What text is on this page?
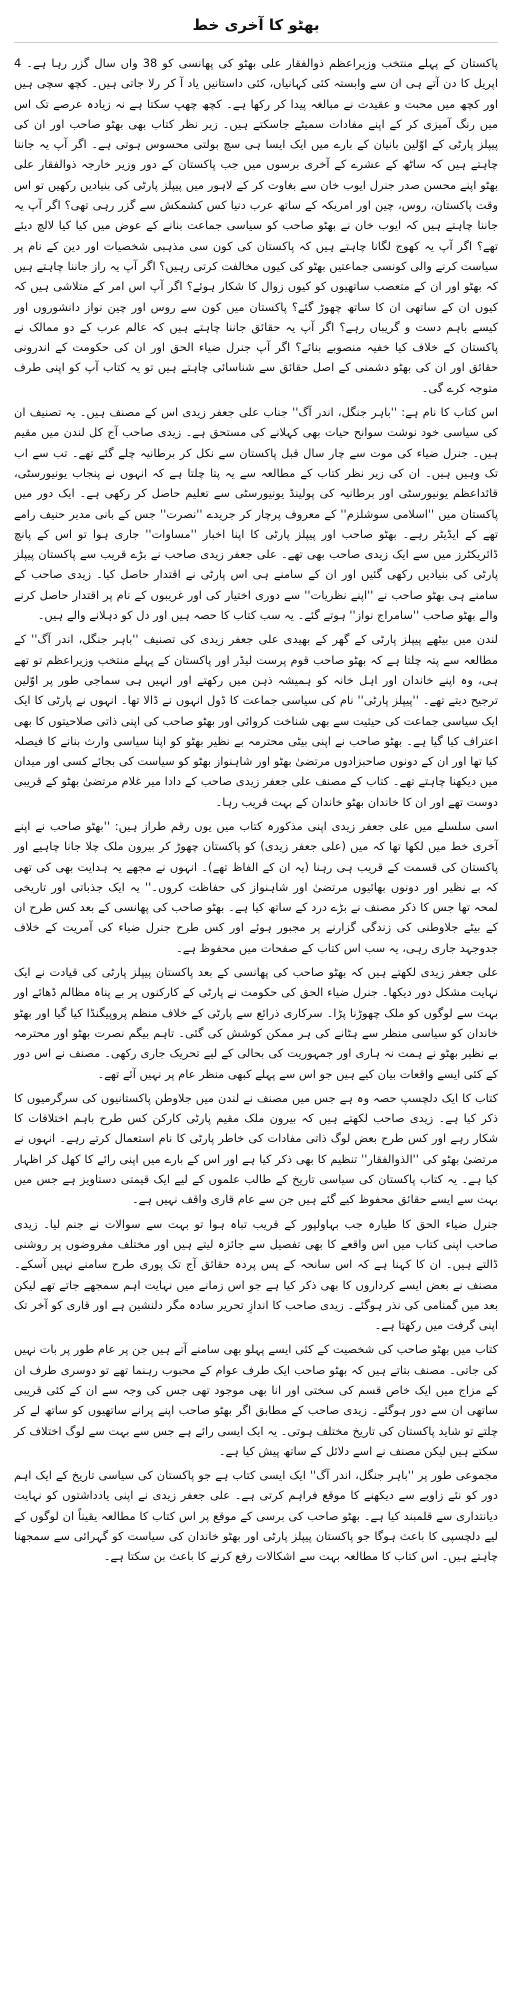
بھٹو کا آخری خط

پاکستان کے پہلے منتخب وزیراعظم ذوالفقار علی بھٹو کی پھانسی کو 38 واں سال گزر رہا ہے۔ 4 اپریل کا دن آتے ہی ان سے وابستہ کئی کہانیاں، کئی داستانیں یاد آ کر رلا جاتی ہیں۔ کچھ سچی ہیں اور کچھ میں محبت و عقیدت نے مبالغہ پیدا کر رکھا ہے۔ کچھ چھپ سکتا ہے نہ زیادہ عرصے تک اس میں رنگ آمیزی کر کے اپنے مفادات سمیٹے جاسکتے ہیں۔ زیر نظر کتاب بھی بھٹو صاحب اور ان کی پیپلز پارٹی کے اوّلین بانیان کے بارے میں ایک ایسا ہی سچ بولتی محسوس ہوتی ہے۔ اگر آپ یہ جاننا چاہتے ہیں کہ ساٹھ کے عشرے کے آخری برسوں میں جب پاکستان کے دور وزیر خارجہ ذوالفقار علی بھٹو اپنے محسن صدر جنرل ایوب خان سے بغاوت کر کے لاہور میں پیپلز پارٹی کی بنیادیں رکھیں تو اس وقت پاکستان، روس، چین اور امریکہ کے ساتھ عرب دنیا کس کشمکش سے گزر رہی تھی؟ اگر آپ یہ جاننا چاہتے ہیں کہ ایوب خان نے بھٹو صاحب کو سیاسی جماعت بنانے کے عوض میں کیا کیا لالچ دیئے تھے؟ اگر آپ یہ کھوج لگانا چاہتے ہیں کہ پاکستان کی کون سی مذہبی شخصیات اور دین کے نام پر سیاست کرنے والی کونسی جماعتیں بھٹو کی کیوں مخالفت کرتی رہیں؟ اگر آپ یہ راز جاننا چاہتے ہیں کہ بھٹو اور ان کے متعصب ساتھیوں کو کیوں زوال کا شکار ہوئے؟ اگر آپ اس امر کے متلاشی ہیں کہ کیوں ان کے ساتھی ان کا ساتھ چھوڑ گئے؟ پاکستان میں کون سے روس اور چین نواز دانشوروں اور کیسے باہم دست و گریباں رہے؟ اگر آپ یہ حقائق جاننا چاہتے ہیں کہ عالم عرب کے دو ممالک نے پاکستان کے خلاف کیا خفیہ منصوبے بنائے؟ اگر آپ جنرل ضیاء الحق اور ان کی حکومت کے اندرونی حقائق اور ان کی بھٹو دشمنی کے اصل حقائق سے شناسائی چاہتے ہیں تو یہ کتاب آپ کو اپنی طرف متوجہ کرے گی۔

اس کتاب کا نام ہے: ''باہر جنگل، اندر آگ'' جناب علی جعفر زیدی اس کے مصنف ہیں۔ یہ تصنیف ان کی سیاسی خود نوشت سوانح حیات بھی کہلانے کی مستحق ہے۔ زیدی صاحب آج کل لندن میں مقیم ہیں۔ جنرل ضیاء کی موت سے چار سال قبل پاکستان سے نکل کر برطانیہ چلے گئے تھے۔ تب سے اب تک وہیں ہیں۔ ان کی زیر نظر کتاب کے مطالعہ سے یہ پتا چلتا ہے کہ انہوں نے پنجاب یونیورسٹی، قائداعظم یونیورسٹی اور برطانیہ کی پولینڈ یونیورسٹی سے تعلیم حاصل کر رکھی ہے۔ ایک دور میں پاکستان میں ''اسلامی سوشلزم'' کے معروف پرچار کر جریدے ''نصرت'' جس کے بانی مدیر حنیف رامے تھے کے ایڈیٹر رہے۔ بھٹو صاحب اور پیپلز پارٹی کا اپنا اخبار ''مساوات'' جاری ہوا تو اس کے پانچ ڈائریکٹرز میں سے ایک زیدی صاحب بھی تھے۔ علی جعفر زیدی صاحب نے بڑے قریب سے پاکستان پیپلز پارٹی کی بنیادیں رکھی گئیں اور ان کے سامنے ہی اس پارٹی نے اقتدار حاصل کیا۔ زیدی صاحب کے سامنے ہی بھٹو صاحب نے ''اپنے نظریات'' سے دوری اختیار کی اور غریبوں کے نام پر اقتدار حاصل کرنے والے بھٹو صاحب ''سامراج نواز'' ہوتے گئے۔ یہ سب کتاب کا حصہ ہیں اور دل کو دہلانے والے ہیں۔

لندن میں بیٹھے پیپلز پارٹی کے گھر کے بھیدی علی جعفر زیدی کی تصنیف ''باہر جنگل، اندر آگ'' کے مطالعہ سے پتہ چلتا ہے کہ بھٹو صاحب قوم پرست لیڈر اور پاکستان کے پہلے منتخب وزیراعظم تو تھے ہی، وہ اپنے خاندان اور اہل خانہ کو ہمیشہ ذہن میں رکھتے اور انہیں ہی سماجی طور پر اوّلین ترجیح دیتے تھے۔ ''پیپلز پارٹی'' نام کی سیاسی جماعت کا ڈول انہوں نے ڈالا تھا۔ انہوں نے پارٹی کا ایک ایک سیاسی جماعت کی حیثیت سے بھی شناخت کروائی اور بھٹو صاحب کی اپنی ذاتی صلاحیتوں کا بھی اعتراف کیا گیا ہے۔ بھٹو صاحب نے اپنی بیٹی محترمہ بے نظیر بھٹو کو اپنا سیاسی وارث بنانے کا فیصلہ کیا تھا اور ان کے دونوں صاحبزادوں مرتضیٰ بھٹو اور شاہنواز بھٹو کو سیاست کی بجائے کسی اور میدان میں دیکھنا چاہتے تھے۔ کتاب کے مصنف علی جعفر زیدی صاحب کے دادا میر غلام مرتضیٰ بھٹو کے قریبی دوست تھے اور ان کا خاندان بھٹو خاندان کے بہت قریب رہا۔

اسی سلسلے میں علی جعفر زیدی اپنی مذکورہ کتاب میں یوں رقم طراز ہیں: ''بھٹو صاحب نے اپنے آخری خط میں لکھا تھا کہ میں (علی جعفر زیدی) کو پاکستان چھوڑ کر بیرون ملک چلا جانا چاہیے اور پاکستان کی قسمت کے قریب ہی رہنا (یہ ان کے الفاظ تھے)۔ انہوں نے مجھے یہ ہدایت بھی کی تھی کہ بے نظیر اور دونوں بھائیوں مرتضیٰ اور شاہنواز کی حفاظت کروں۔'' یہ ایک جذباتی اور تاریخی لمحہ تھا جس کا ذکر مصنف نے بڑے درد کے ساتھ کیا ہے۔ بھٹو صاحب کی پھانسی کے بعد کس طرح ان کے بیٹے جلاوطنی کی زندگی گزارنے پر مجبور ہوئے اور کس طرح جنرل ضیاء کی آمریت کے خلاف جدوجہد جاری رہی، یہ سب اس کتاب کے صفحات میں محفوظ ہے۔

علی جعفر زیدی لکھتے ہیں کہ بھٹو صاحب کی پھانسی کے بعد پاکستان پیپلز پارٹی کی قیادت نے ایک نہایت مشکل دور دیکھا۔ جنرل ضیاء الحق کی حکومت نے پارٹی کے کارکنوں پر بے پناہ مظالم ڈھائے اور بہت سے لوگوں کو ملک چھوڑنا پڑا۔ سرکاری ذرائع سے پارٹی کے خلاف منظم پروپیگنڈا کیا گیا اور بھٹو خاندان کو سیاسی منظر سے ہٹانے کی ہر ممکن کوشش کی گئی۔ تاہم بیگم نصرت بھٹو اور محترمہ بے نظیر بھٹو نے ہمت نہ ہاری اور جمہوریت کی بحالی کے لیے تحریک جاری رکھی۔ مصنف نے اس دور کے کئی ایسے واقعات بیان کیے ہیں جو اس سے پہلے کبھی منظر عام پر نہیں آئے تھے۔

کتاب کا ایک دلچسپ حصہ وہ ہے جس میں مصنف نے لندن میں جلاوطن پاکستانیوں کی سرگرمیوں کا ذکر کیا ہے۔ زیدی صاحب لکھتے ہیں کہ بیرون ملک مقیم پارٹی کارکن کس طرح باہم اختلافات کا شکار رہے اور کس طرح بعض لوگ ذاتی مفادات کی خاطر پارٹی کا نام استعمال کرتے رہے۔ انہوں نے مرتضیٰ بھٹو کی ''الذوالفقار'' تنظیم کا بھی ذکر کیا ہے اور اس کے بارے میں اپنی رائے کا کھل کر اظہار کیا ہے۔ یہ کتاب پاکستان کی سیاسی تاریخ کے طالب علموں کے لیے ایک قیمتی دستاویز ہے جس میں بہت سے ایسے حقائق محفوظ کیے گئے ہیں جن سے عام قاری واقف نہیں ہے۔

جنرل ضیاء الحق کا طیارہ جب بہاولپور کے قریب تباہ ہوا تو بہت سے سوالات نے جنم لیا۔ زیدی صاحب اپنی کتاب میں اس واقعے کا بھی تفصیل سے جائزہ لیتے ہیں اور مختلف مفروضوں پر روشنی ڈالتے ہیں۔ ان کا کہنا ہے کہ اس سانحہ کے پس پردہ حقائق آج تک پوری طرح سامنے نہیں آسکے۔ مصنف نے بعض ایسے کرداروں کا بھی ذکر کیا ہے جو اس زمانے میں نہایت اہم سمجھے جاتے تھے لیکن بعد میں گمنامی کی نذر ہوگئے۔ زیدی صاحب کا اندازِ تحریر سادہ مگر دلنشین ہے اور قاری کو آخر تک اپنی گرفت میں رکھتا ہے۔

کتاب میں بھٹو صاحب کی شخصیت کے کئی ایسے پہلو بھی سامنے آتے ہیں جن پر عام طور پر بات نہیں کی جاتی۔ مصنف بتاتے ہیں کہ بھٹو صاحب ایک طرف عوام کے محبوب رہنما تھے تو دوسری طرف ان کے مزاج میں ایک خاص قسم کی سختی اور انا بھی موجود تھی جس کی وجہ سے ان کے کئی قریبی ساتھی ان سے دور ہوگئے۔ زیدی صاحب کے مطابق اگر بھٹو صاحب اپنے پرانے ساتھیوں کو ساتھ لے کر چلتے تو شاید پاکستان کی تاریخ مختلف ہوتی۔ یہ ایک ایسی رائے ہے جس سے بہت سے لوگ اختلاف کر سکتے ہیں لیکن مصنف نے اسے دلائل کے ساتھ پیش کیا ہے۔

مجموعی طور پر ''باہر جنگل، اندر آگ'' ایک ایسی کتاب ہے جو پاکستان کی سیاسی تاریخ کے ایک اہم دور کو نئے زاویے سے دیکھنے کا موقع فراہم کرتی ہے۔ علی جعفر زیدی نے اپنی یادداشتوں کو نہایت دیانتداری سے قلمبند کیا ہے۔ بھٹو صاحب کی برسی کے موقع پر اس کتاب کا مطالعہ یقیناً ان لوگوں کے لیے دلچسپی کا باعث ہوگا جو پاکستان پیپلز پارٹی اور بھٹو خاندان کی سیاست کو گہرائی سے سمجھنا چاہتے ہیں۔ اس کتاب کا مطالعہ بہت سے اشکالات رفع کرنے کا باعث بن سکتا ہے۔
